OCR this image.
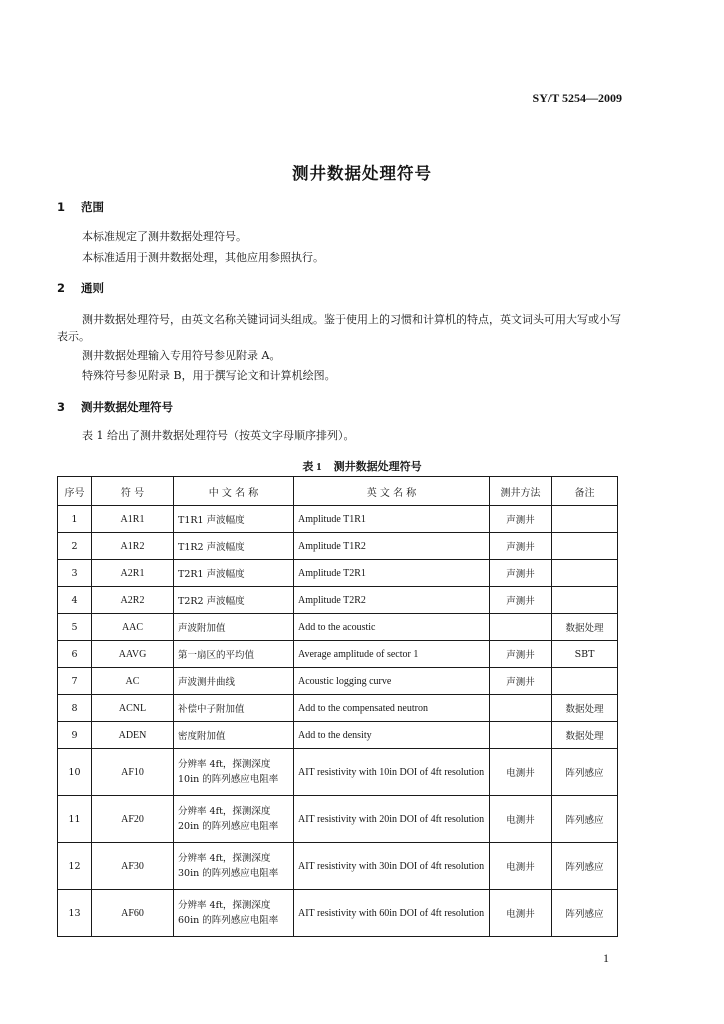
SY/T 5254—2009
测井数据处理符号
1 范围
本标准规定了测井数据处理符号。
本标准适用于测井数据处理，其他应用参照执行。
2 通则
测井数据处理符号，由英文名称关键词词头组成。鉴于使用上的习惯和计算机的特点，英文词头可用大写或小写表示。
测井数据处理输入专用符号参见附录 A。
特殊符号参见附录 B，用于撰写论文和计算机绘图。
3 测井数据处理符号
表 1 给出了测井数据处理符号（按英文字母顺序排列）。
表 1 测井数据处理符号
序号	符 号	中 文 名 称	英 文 名 称	测井方法	备注
1	A1R1	T1R1 声波幅度	Amplitude T1R1	声测井	
2	A1R2	T1R2 声波幅度	Amplitude T1R2	声测井	
3	A2R1	T2R1 声波幅度	Amplitude T2R1	声测井	
4	A2R2	T2R2 声波幅度	Amplitude T2R2	声测井	
5	AAC	声波附加值	Add to the acoustic		数据处理
6	AAVG	第一扇区的平均值	Average amplitude of sector 1	声测井	SBT
7	AC	声波测井曲线	Acoustic logging curve	声测井	
8	ACNL	补偿中子附加值	Add to the compensated neutron		数据处理
9	ADEN	密度附加值	Add to the density		数据处理
10	AF10	分辨率 4ft，探测深度 10in 的阵列感应电阻率	AIT resistivity with 10in DOI of 4ft resolution	电测井	阵列感应
11	AF20	分辨率 4ft，探测深度 20in 的阵列感应电阻率	AIT resistivity with 20in DOI of 4ft resolution	电测井	阵列感应
12	AF30	分辨率 4ft，探测深度 30in 的阵列感应电阻率	AIT resistivity with 30in DOI of 4ft resolution	电测井	阵列感应
13	AF60	分辨率 4ft，探测深度 60in 的阵列感应电阻率	AIT resistivity with 60in DOI of 4ft resolution	电测井	阵列感应
1
